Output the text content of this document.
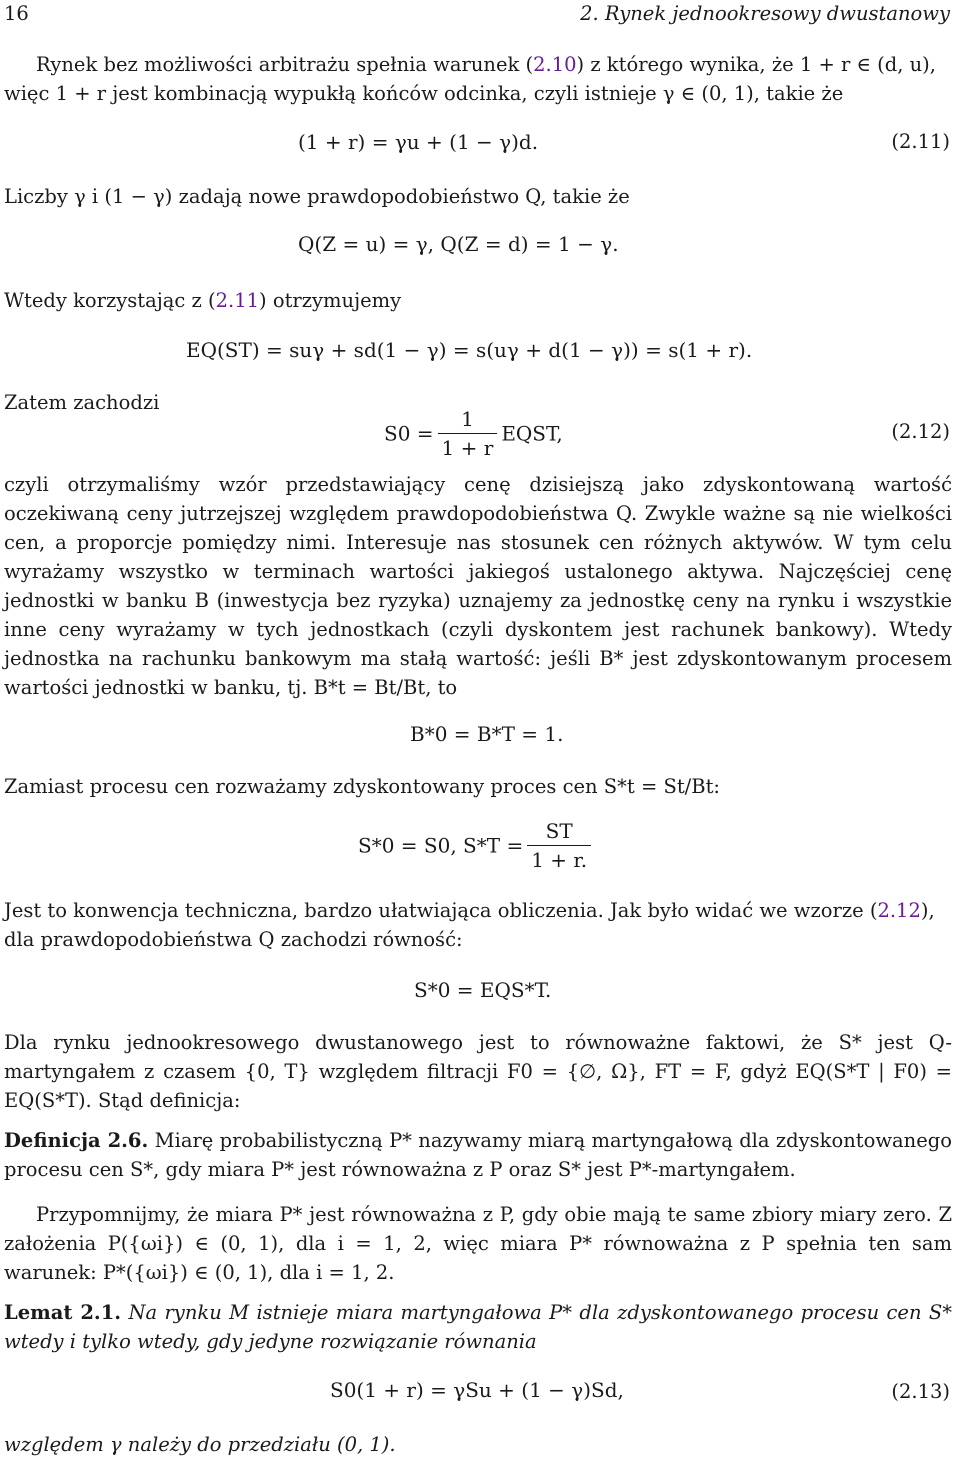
16	2. Rynek jednookresowy dwustanowy
Rynek bez możliwości arbitrażu spełnia warunek (2.10) z którego wynika, że 1 + r ∈ (d, u),
więc 1 + r jest kombinacją wypukłą końców odcinka, czyli istnieje γ ∈ (0, 1), takie że
(1 + r) = γu + (1 − γ)d.	(2.11)
Liczby γ i (1 − γ) zadają nowe prawdopodobieństwo Q, takie że
Q(Z = u) = γ, Q(Z = d) = 1 − γ.
Wtedy korzystając z (2.11) otrzymujemy
EQ(ST) = suγ + sd(1 − γ) = s(uγ + d(1 − γ)) = s(1 + r).
Zatem zachodzi
$S0 = \frac{1}{1 + r}$ EQST,	(2.12)
czyli otrzymaliśmy wzór przedstawiający cenę dzisiejszą jako zdyskontowaną wartość oczekiwaną ceny jutrzejszej względem prawdopodobieństwa Q. Zwykle ważne są nie wielkości cen, a proporcje pomiędzy nimi. Interesuje nas stosunek cen różnych aktywów. W tym celu wyrażamy wszystko w terminach wartości jakiegoś ustalonego aktywa. Najczęściej cenę jednostki w banku B (inwestycja bez ryzyka) uznajemy za jednostkę ceny na rynku i wszystkie inne ceny wyrażamy w tych jednostkach (czyli dyskontem jest rachunek bankowy). Wtedy jednostka na rachunku bankowym ma stałą wartość: jeśli B* jest zdyskontowanym procesem wartości jednostki w banku, tj. B*t = Bt/Bt, to
B*0 = B*T = 1.
Zamiast procesu cen rozważamy zdyskontowany proces cen S*t = St/Bt:
S*0 = S0, $S*T = \frac{ST}{1 + r.}$
Jest to konwencja techniczna, bardzo ułatwiająca obliczenia. Jak było widać we wzorze (2.12), dla prawdopodobieństwa Q zachodzi równość:
S*0 = EQS*T.
Dla rynku jednookresowego dwustanowego jest to równoważne faktowi, że S* jest Q-martyngałem z czasem {0, T} względem filtracji F0 = {∅, Ω}, FT = F, gdyż EQ(S*T | F0) = EQ(S*T). Stąd definicja:
Definicja 2.6. Miarę probabilistyczną P* nazywamy miarą martyngałową dla zdyskontowanego procesu cen S*, gdy miara P* jest równoważna z P oraz S* jest P*-martyngałem.
Przypomnijmy, że miara P* jest równoważna z P, gdy obie mają te same zbiory miary zero. Z założenia P({ωi}) ∈ (0, 1), dla i = 1, 2, więc miara P* równoważna z P spełnia ten sam warunek: P*({ωi}) ∈ (0, 1), dla i = 1, 2.
Lemat 2.1. Na rynku M istnieje miara martyngałowa P* dla zdyskontowanego procesu cen S* wtedy i tylko wtedy, gdy jedyne rozwiązanie równania
S0(1 + r) = γSu + (1 − γ)Sd,	(2.13)
względem γ należy do przedziału (0, 1).
